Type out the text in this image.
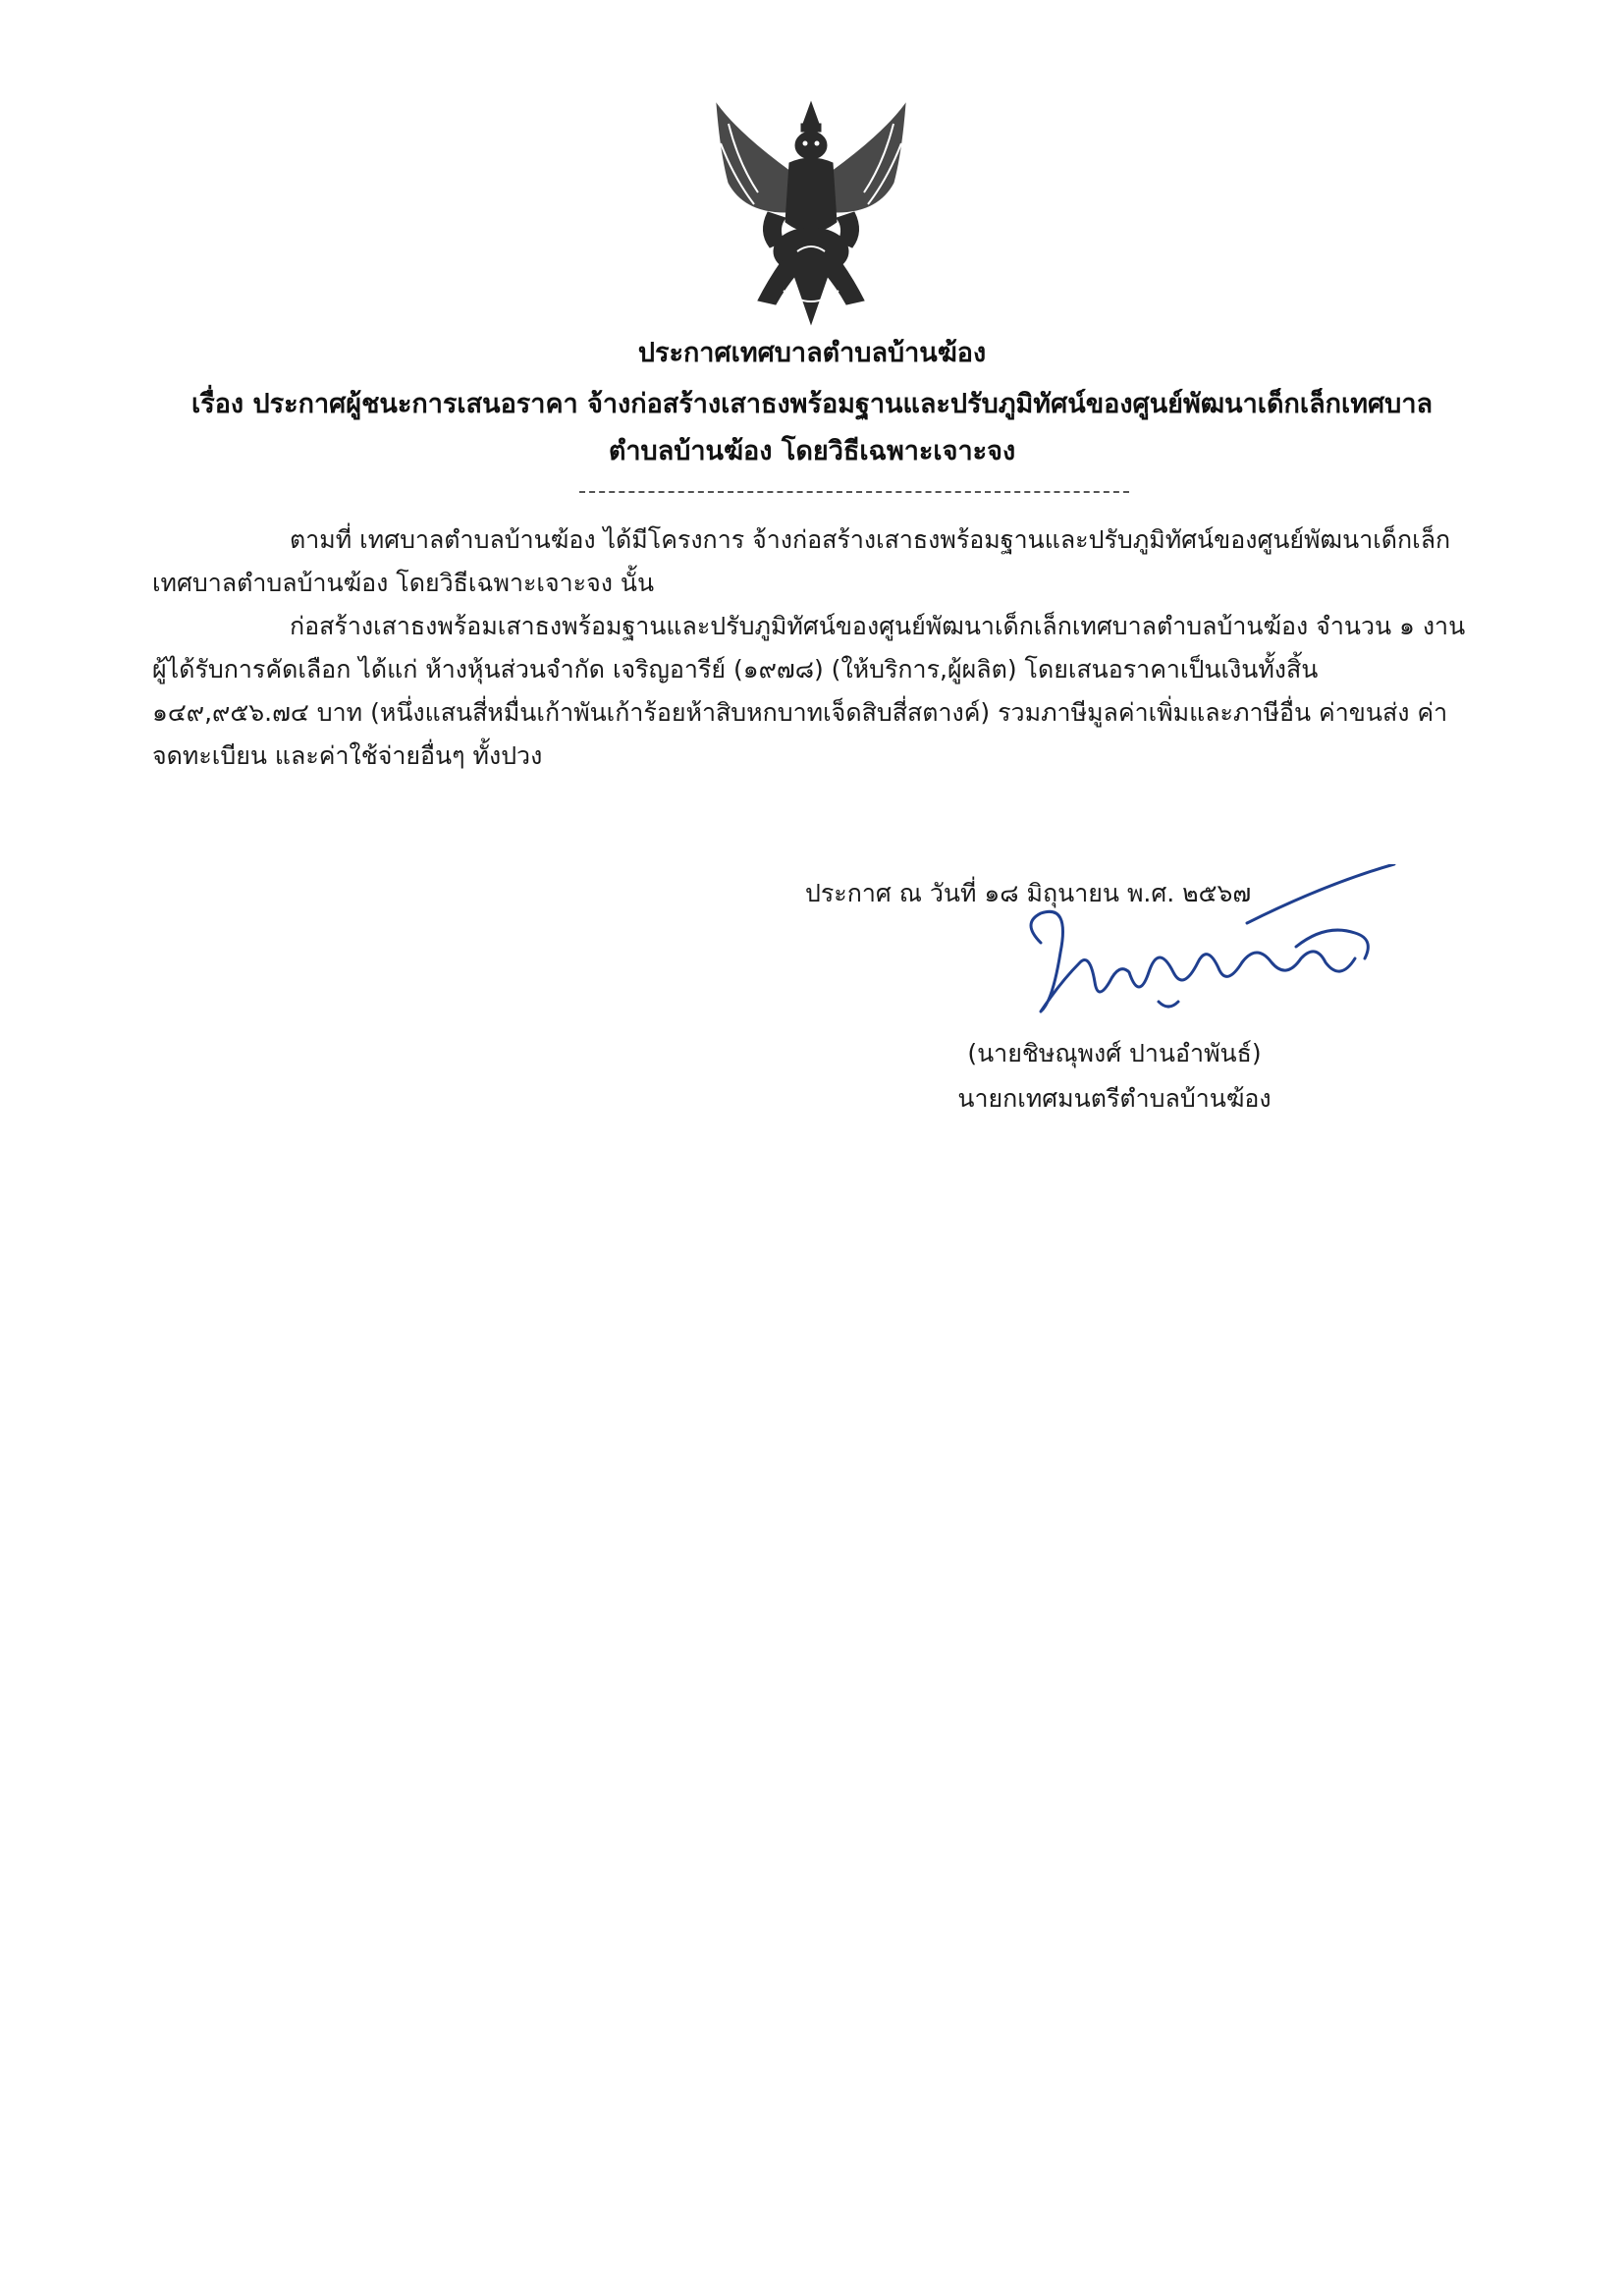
ประกาศเทศบาลตำบลบ้านฆ้อง
เรื่อง ประกาศผู้ชนะการเสนอราคา จ้างก่อสร้างเสาธงพร้อมฐานและปรับภูมิทัศน์ของศูนย์พัฒนาเด็กเล็กเทศบาล
ตำบลบ้านฆ้อง โดยวิธีเฉพาะเจาะจง

ตามที่ เทศบาลตำบลบ้านฆ้อง ได้มีโครงการ จ้างก่อสร้างเสาธงพร้อมฐานและปรับภูมิทัศน์ของศูนย์พัฒนาเด็กเล็กเทศบาลตำบลบ้านฆ้อง โดยวิธีเฉพาะเจาะจง นั้น

ก่อสร้างเสาธงพร้อมเสาธงพร้อมฐานและปรับภูมิทัศน์ของศูนย์พัฒนาเด็กเล็กเทศบาลตำบลบ้านฆ้อง จำนวน ๑ งาน ผู้ได้รับการคัดเลือก ได้แก่ ห้างหุ้นส่วนจำกัด เจริญอารีย์ (๑๙๗๘) (ให้บริการ,ผู้ผลิต) โดยเสนอราคาเป็นเงินทั้งสิ้น ๑๔๙,๙๕๖.๗๔ บาท (หนึ่งแสนสี่หมื่นเก้าพันเก้าร้อยห้าสิบหกบาทเจ็ดสิบสี่สตางค์) รวมภาษีมูลค่าเพิ่มและภาษีอื่น ค่าขนส่ง ค่าจดทะเบียน และค่าใช้จ่ายอื่นๆ ทั้งปวง

ประกาศ ณ วันที่ ๑๘ มิถุนายน พ.ศ. ๒๕๖๗
(นายชิษณุพงศ์ ปานอำพันธ์)
นายกเทศมนตรีตำบลบ้านฆ้อง
